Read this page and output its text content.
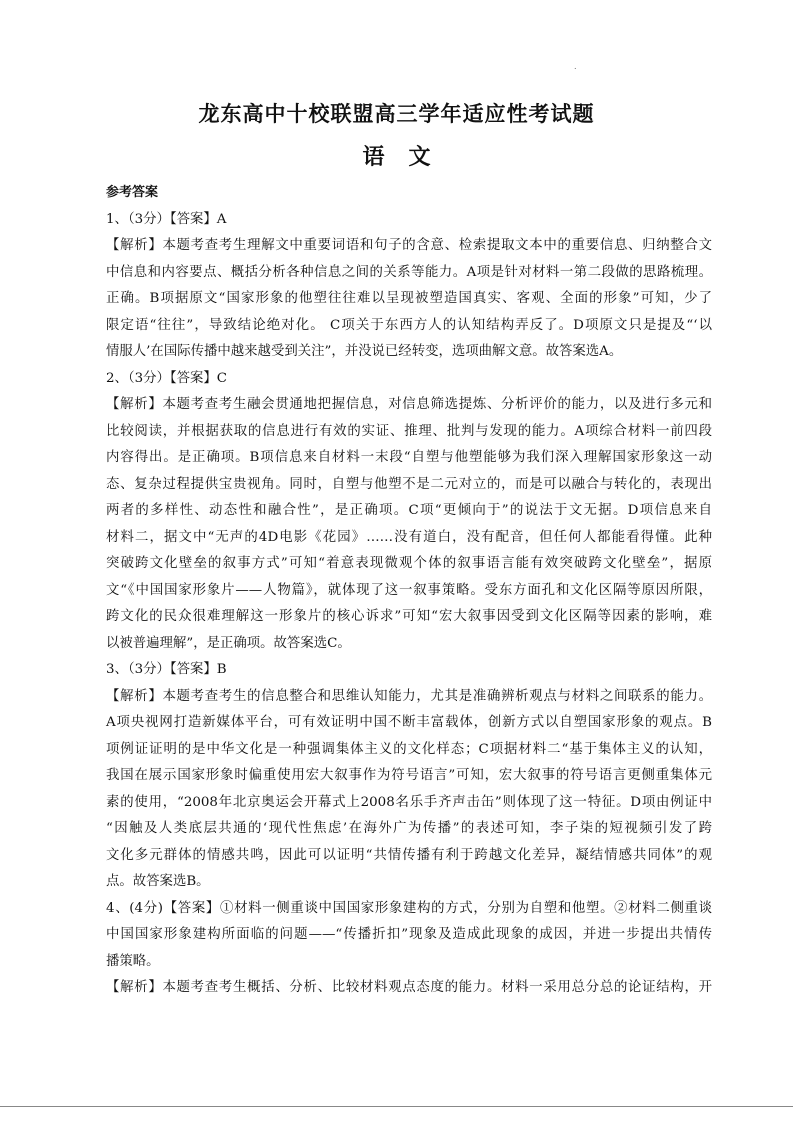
.
龙东高中十校联盟高三学年适应性考试题
语文

参考答案

1、（3分）【答案】A
【解析】本题考查考生理解文中重要词语和句子的含意、检索提取文本中的重要信息、归纳整合文
中信息和内容要点、概括分析各种信息之间的关系等能力。A项是针对材料一第二段做的思路梳理。
正确。B项据原文“国家形象的他塑往往难以呈现被塑造国真实、客观、全面的形象”可知，少了
限定语“往往”，导致结论绝对化。 C项关于东西方人的认知结构弄反了。D项原文只是提及“‘以
情服人’在国际传播中越来越受到关注”，并没说已经转变，选项曲解文意。故答案选A。
2、（3分）【答案】C
【解析】本题考查考生融会贯通地把握信息，对信息筛选提炼、分析评价的能力，以及进行多元和
比较阅读，并根据获取的信息进行有效的实证、推理、批判与发现的能力。A项综合材料一前四段
内容得出。是正确项。B项信息来自材料一末段“自塑与他塑能够为我们深入理解国家形象这一动
态、复杂过程提供宝贵视角。同时，自塑与他塑不是二元对立的，而是可以融合与转化的，表现出
两者的多样性、动态性和融合性”，是正确项。C项“更倾向于”的说法于文无据。D项信息来自
材料二，据文中“无声的4D电影《花园》……没有道白，没有配音，但任何人都能看得懂。此种
突破跨文化壁垒的叙事方式”可知“着意表现微观个体的叙事语言能有效突破跨文化壁垒”，据原
文“《中国国家形象片——人物篇》，就体现了这一叙事策略。受东方面孔和文化区隔等原因所限，
跨文化的民众很难理解这一形象片的核心诉求”可知“宏大叙事因受到文化区隔等因素的影响，难
以被普遍理解”，是正确项。故答案选C。
3、（3分）【答案】B
【解析】本题考查考生的信息整合和思维认知能力，尤其是准确辨析观点与材料之间联系的能力。
A项央视网打造新媒体平台，可有效证明中国不断丰富载体，创新方式以自塑国家形象的观点。B
项例证证明的是中华文化是一种强调集体主义的文化样态；C项据材料二“基于集体主义的认知，
我国在展示国家形象时偏重使用宏大叙事作为符号语言”可知，宏大叙事的符号语言更侧重集体元
素的使用，“2008年北京奥运会开幕式上2008名乐手齐声击缶”则体现了这一特征。D项由例证中
“因触及人类底层共通的‘现代性焦虑’在海外广为传播”的表述可知，李子柒的短视频引发了跨
文化多元群体的情感共鸣，因此可以证明“共情传播有利于跨越文化差异，凝结情感共同体”的观
点。故答案选B。
4、(4分)【答案】①材料一侧重谈中国国家形象建构的方式，分别为自塑和他塑。②材料二侧重谈
中国国家形象建构所面临的问题——“传播折扣”现象及造成此现象的成因，并进一步提出共情传
播策略。
【解析】本题考查考生概括、分析、比较材料观点态度的能力。材料一采用总分总的论证结构，开
